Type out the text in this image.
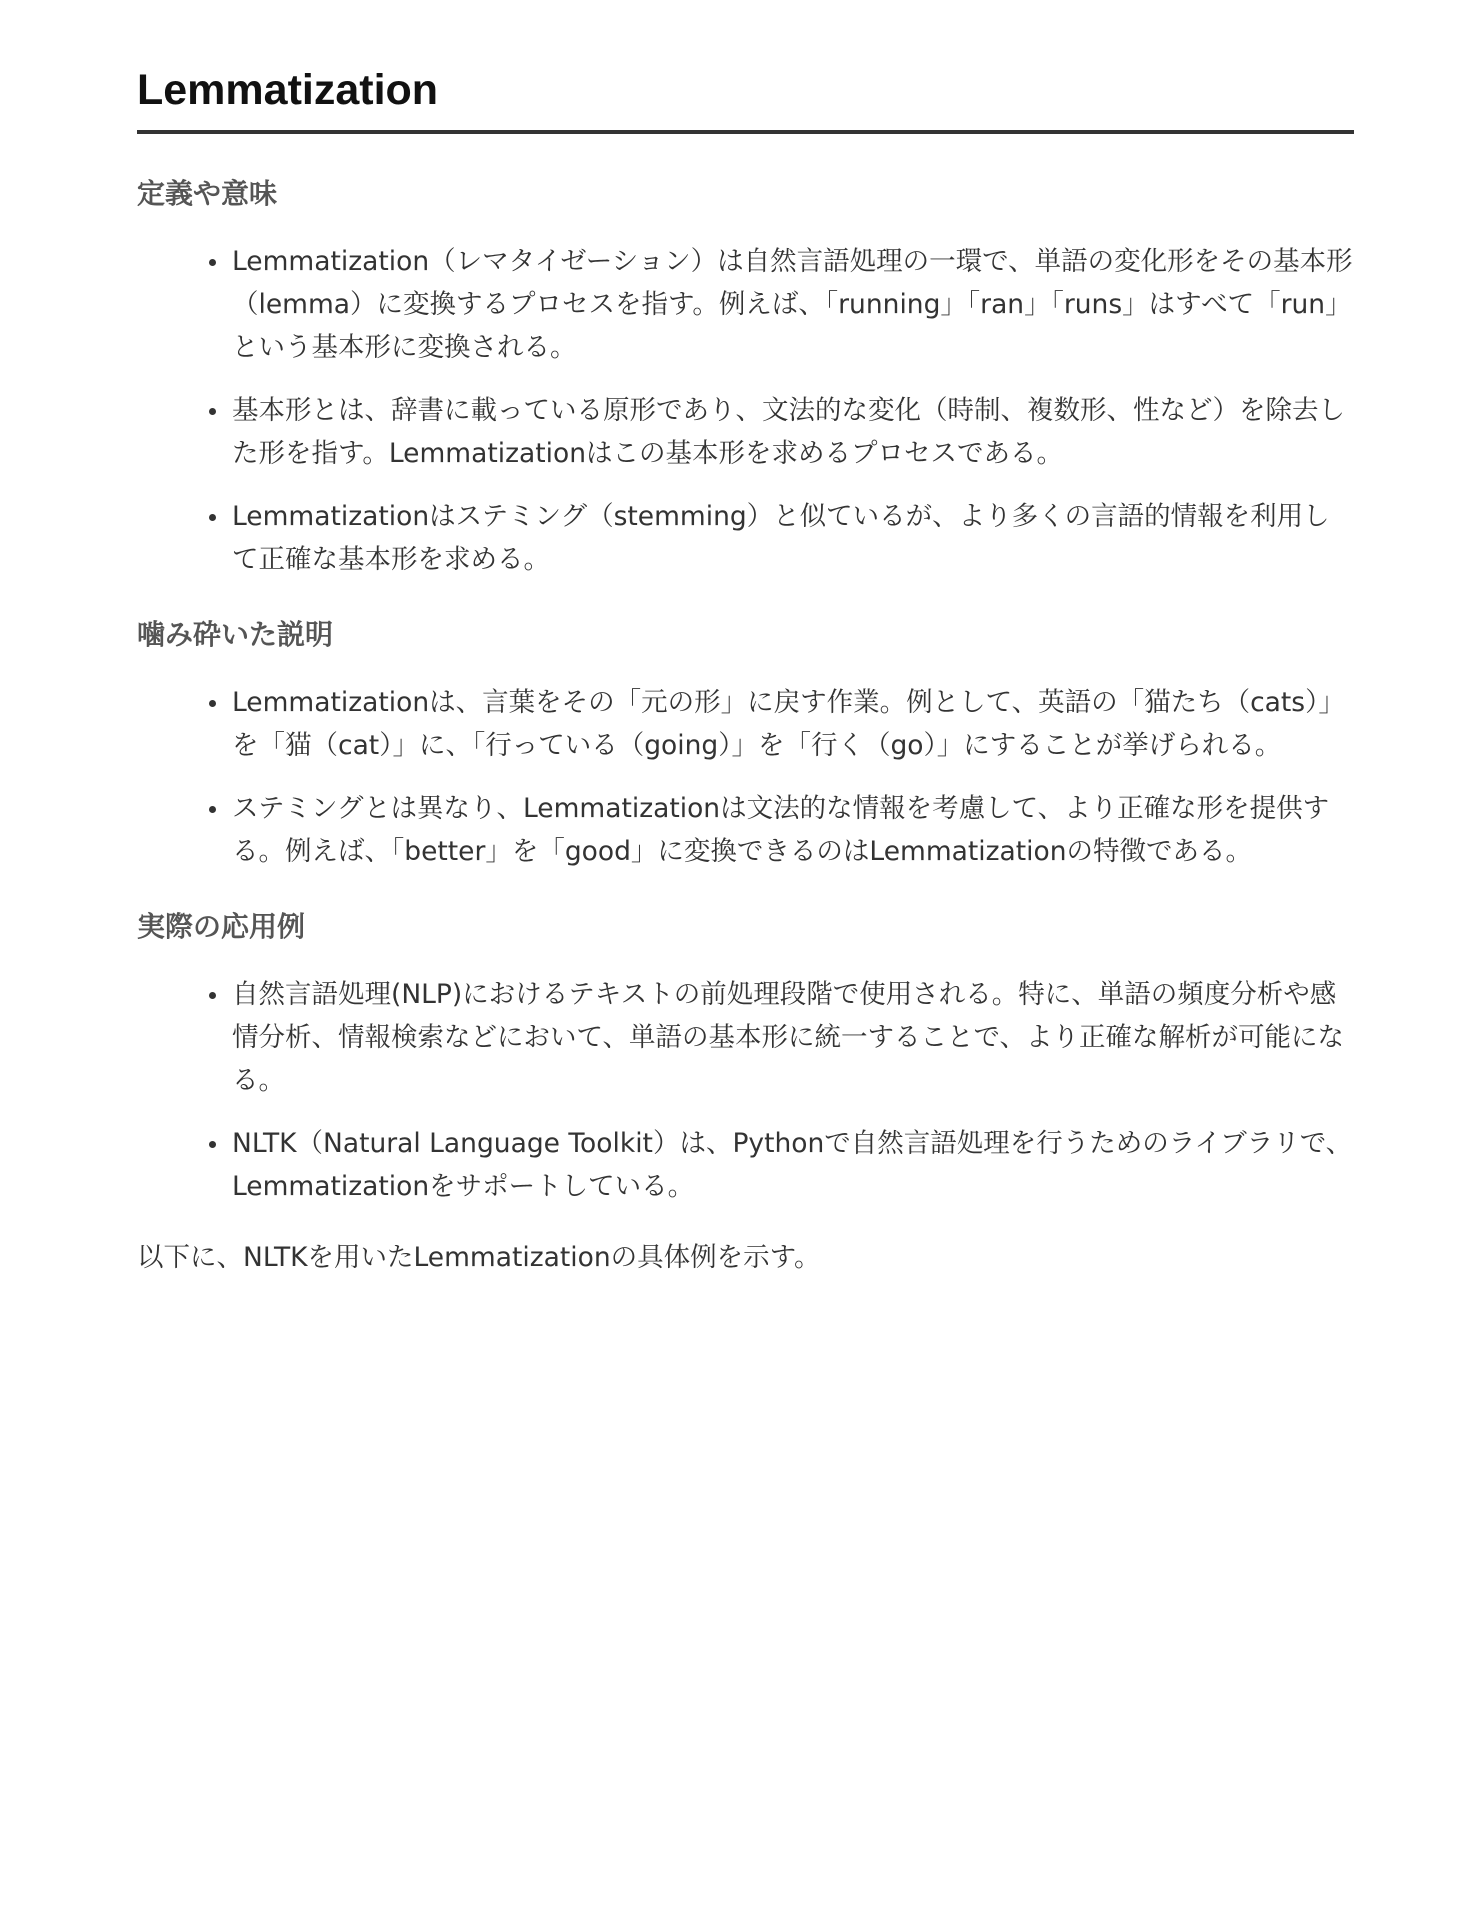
Lemmatization
定義や意味
Lemmatization（レマタイゼーション）は自然言語処理の一環で、単語の変化形をその基本形（lemma）に変換するプロセスを指す。例えば、「running」「ran」「runs」はすべて「run」という基本形に変換される。
基本形とは、辞書に載っている原形であり、文法的な変化（時制、複数形、性など）を除去した形を指す。Lemmatizationはこの基本形を求めるプロセスである。
Lemmatizationはステミング（stemming）と似ているが、より多くの言語的情報を利用して正確な基本形を求める。
噛み砕いた説明
Lemmatizationは、言葉をその「元の形」に戻す作業。例として、英語の「猫たち（cats）」を「猫（cat）」に、「行っている（going）」を「行く（go）」にすることが挙げられる。
ステミングとは異なり、Lemmatizationは文法的な情報を考慮して、より正確な形を提供する。例えば、「better」を「good」に変換できるのはLemmatizationの特徴である。
実際の応用例
自然言語処理(NLP)におけるテキストの前処理段階で使用される。特に、単語の頻度分析や感情分析、情報検索などにおいて、単語の基本形に統一することで、より正確な解析が可能になる。
NLTK（Natural Language Toolkit）は、Pythonで自然言語処理を行うためのライブラリで、Lemmatizationをサポートしている。

以下に、NLTKを用いたLemmatizationの具体例を示す。
